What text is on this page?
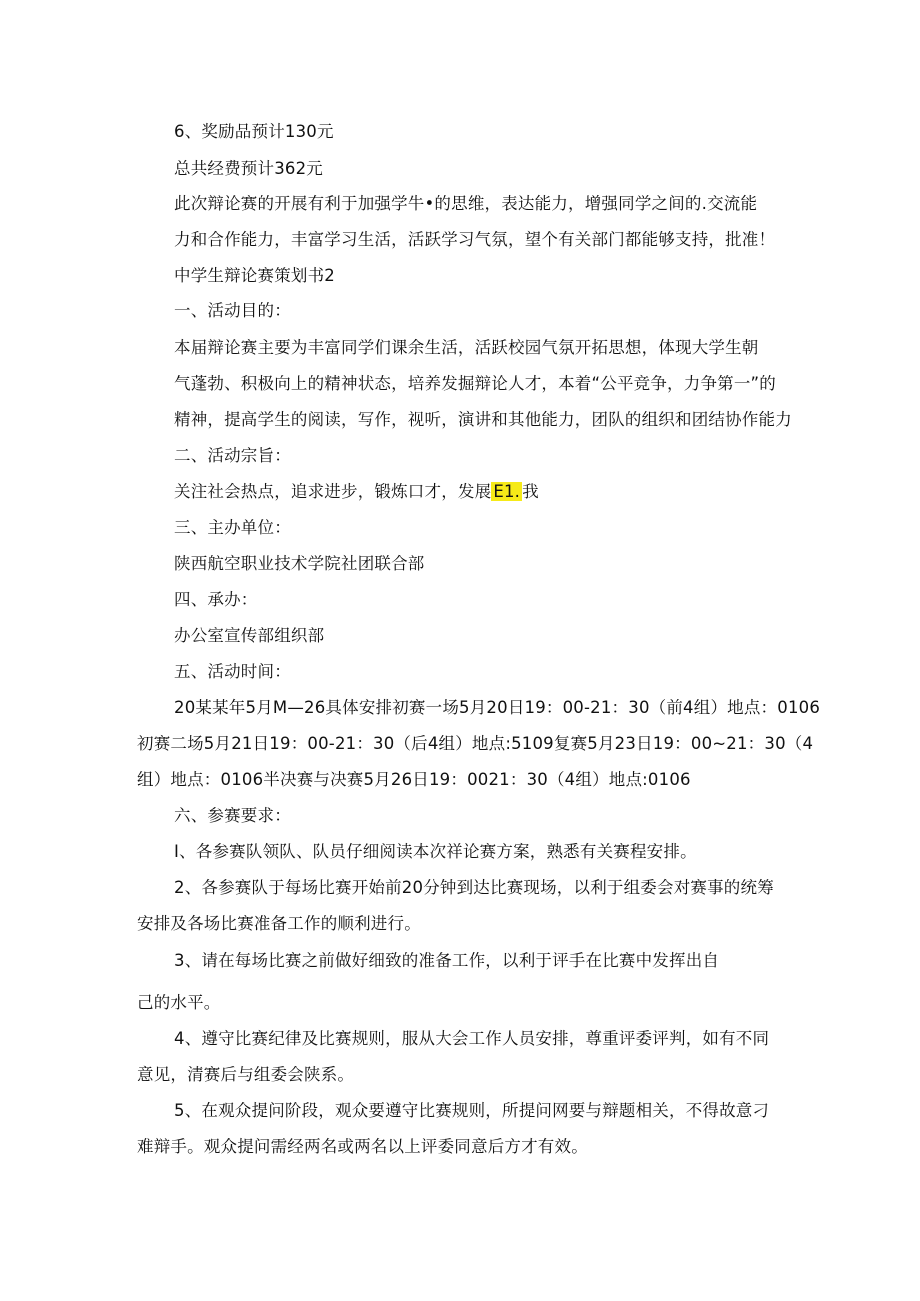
6、奖励品预计130元
总共经费预计362元
此次辩论赛的开展有利于加强学牛•的思维，表达能力，增强同学之间的.交流能
力和合作能力，丰富学习生活，活跃学习气氛，望个有关部门都能够支持，批准！
中学生辩论赛策划书2
一、活动目的：
本届辩论赛主要为丰富同学们课余生活，活跃校园气氛开拓思想，体现大学生朝
气蓬勃、积极向上的精神状态，培养发掘辩论人才，本着“公平竞争，力争第一”的
精神，提高学生的阅读，写作，视听，演讲和其他能力，团队的组织和团结协作能力
二、活动宗旨：
关注社会热点，追求进步，锻炼口才，发展 E1. 我
三、主办单位：
陕西航空职业技术学院社团联合部
四、承办：
办公室宣传部组织部
五、活动时间：
20某某年5月M—26具体安排初赛一场5月20日19：00-21：30（前4组）地点：0106
初赛二场5月21日19：00-21：30（后4组）地点:5109复赛5月23日19：00~21：30（4
组）地点：0106半决赛与决赛5月26日19：0021：30（4组）地点:0106
六、参赛要求：
I、各参赛队领队、队员仔细阅读本次祥论赛方案，熟悉有关赛程安排。
2、各参赛队于每场比赛开始前20分钟到达比赛现场，以利于组委会对赛事的统筹
安排及各场比赛准备工作的顺利进行。
3、请在每场比赛之前做好细致的准备工作，以利于评手在比赛中发挥出自
己的水平。
4、遵守比赛纪律及比赛规则，服从大会工作人员安排，尊重评委评判，如有不同
意见，清赛后与组委会陕系。
5、在观众提问阶段，观众要遵守比赛规则，所提问网要与辩题相关，不得故意刁
难辩手。观众提问需经两名或两名以上评委同意后方才有效。
